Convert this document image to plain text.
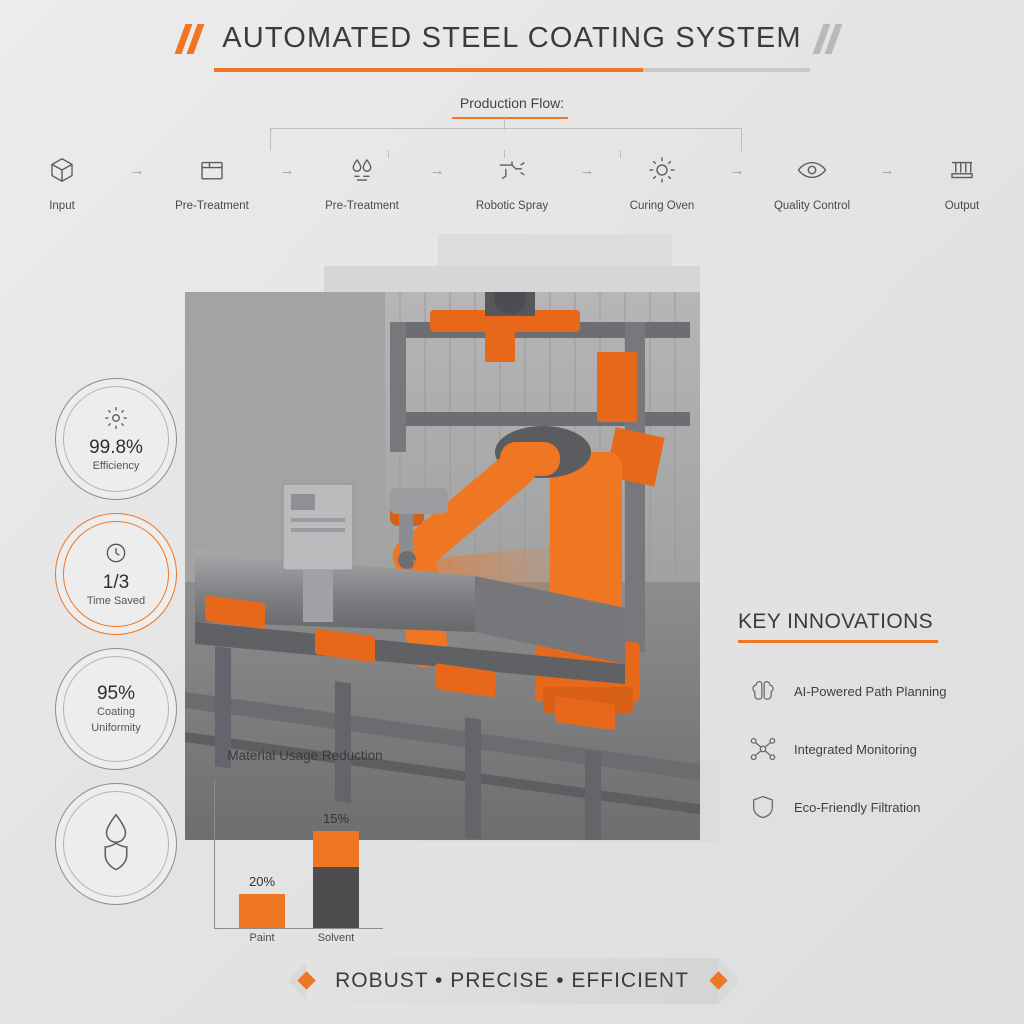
AUTOMATED STEEL COATING SYSTEM
Production Flow:
Input
→
Pre-Treatment
→
Pre-Treatment
→
Robotic Spray
→
Curing Oven
→
Quality Control
→
Output
99.8%
Efficiency
1/3
Time Saved
95%
Coating
Uniformity
KEY INNOVATIONS
AI-Powered Path Planning
Integrated Monitoring
Eco-Friendly Filtration
Material Usage Reduction
20%
Paint
15%
Solvent
ROBUST • PRECISE • EFFICIENT
